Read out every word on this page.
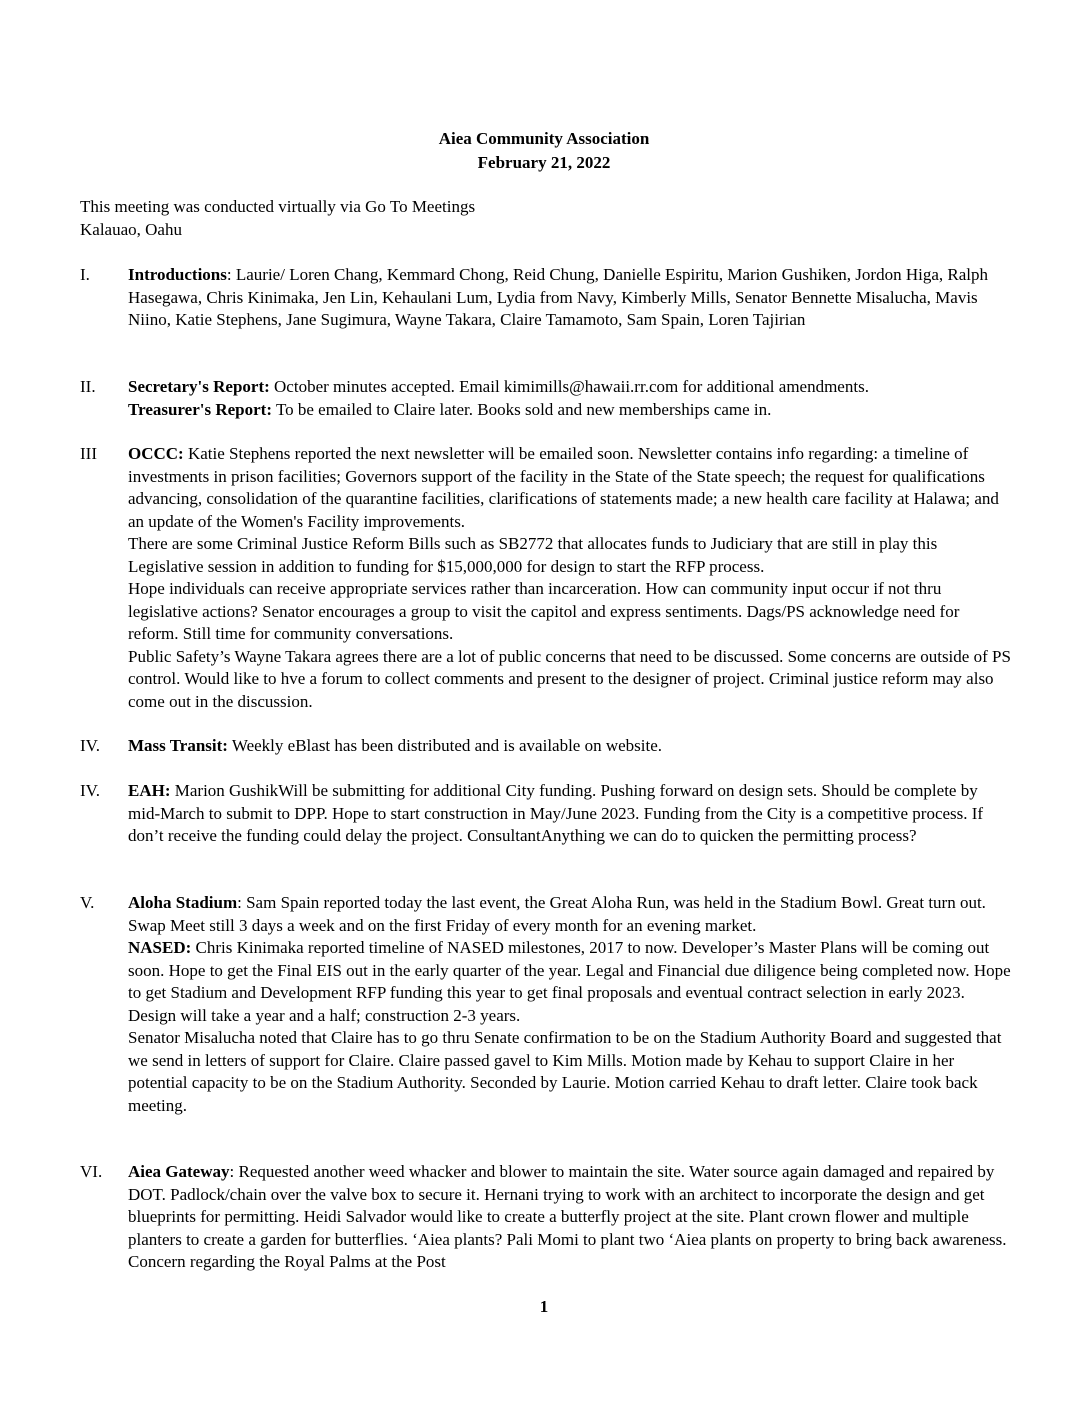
Aiea Community Association
February 21, 2022
This meeting was conducted virtually via Go To Meetings
Kalauao, Oahu
I.	Introductions: Laurie/ Loren Chang, Kemmard Chong, Reid Chung, Danielle Espiritu, Marion Gushiken, Jordon Higa, Ralph Hasegawa, Chris Kinimaka, Jen Lin, Kehaulani Lum, Lydia from Navy, Kimberly Mills, Senator Bennette Misalucha, Mavis Niino, Katie Stephens, Jane Sugimura, Wayne Takara, Claire Tamamoto, Sam Spain, Loren Tajirian

II.	Secretary's Report: October minutes accepted. Email kimimills@hawaii.rr.com for additional amendments.

Treasurer's Report: To be emailed to Claire later. Books sold and new memberships came in.

III	OCCC: Katie Stephens reported the next newsletter will be emailed soon. Newsletter contains info regarding: a timeline of investments in prison facilities; Governors support of the facility in the State of the State speech; the request for qualifications advancing, consolidation of the quarantine facilities, clarifications of statements made; a new health care facility at Halawa; and an update of the Women's Facility improvements.

There are some Criminal Justice Reform Bills such as SB2772 that allocates funds to Judiciary that are still in play this Legislative session in addition to funding for $15,000,000 for design to start the RFP process.

Hope individuals can receive appropriate services rather than incarceration. How can community input occur if not thru legislative actions? Senator encourages a group to visit the capitol and express sentiments. Dags/PS acknowledge need for reform. Still time for community conversations.

Public Safety’s Wayne Takara agrees there are a lot of public concerns that need to be discussed. Some concerns are outside of PS control. Would like to hve a forum to collect comments and present to the designer of project. Criminal justice reform may also come out in the discussion.

IV.	Mass Transit: Weekly eBlast has been distributed and is available on website.

IV.	EAH: Marion GushikWill be submitting for additional City funding. Pushing forward on design sets. Should be complete by mid-March to submit to DPP. Hope to start construction in May/June 2023. Funding from the City is a competitive process. If don’t receive the funding could delay the project. ConsultantAnything we can do to quicken the permitting process?

V.	Aloha Stadium: Sam Spain reported today the last event, the Great Aloha Run, was held in the Stadium Bowl. Great turn out. Swap Meet still 3 days a week and on the first Friday of every month for an evening market.

NASED: Chris Kinimaka reported timeline of NASED milestones, 2017 to now. Developer’s Master Plans will be coming out soon. Hope to get the Final EIS out in the early quarter of the year. Legal and Financial due diligence being completed now. Hope to get Stadium and Development RFP funding this year to get final proposals and eventual contract selection in early 2023. Design will take a year and a half; construction 2-3 years.

Senator Misalucha noted that Claire has to go thru Senate confirmation to be on the Stadium Authority Board and suggested that we send in letters of support for Claire. Claire passed gavel to Kim Mills. Motion made by Kehau to support Claire in her potential capacity to be on the Stadium Authority. Seconded by Laurie. Motion carried Kehau to draft letter. Claire took back meeting.

VI.	Aiea Gateway: Requested another weed whacker and blower to maintain the site. Water source again damaged and repaired by DOT. Padlock/chain over the valve box to secure it. Hernani trying to work with an architect to incorporate the design and get blueprints for permitting. Heidi Salvador would like to create a butterfly project at the site. Plant crown flower and multiple planters to create a garden for butterflies. ‘Aiea plants? Pali Momi to plant two ‘Aiea plants on property to bring back awareness. Concern regarding the Royal Palms at the Post

1
